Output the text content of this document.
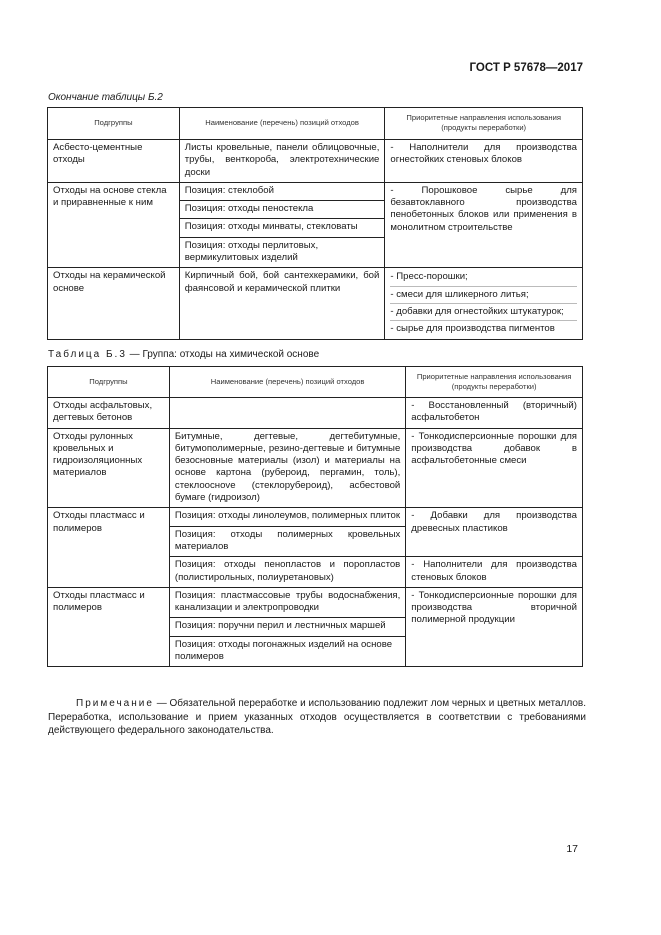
ГОСТ Р 57678—2017
Окончание таблицы Б.2
Подгруппы	Наименование (перечень) позиций отходов	Приоритетные направления использования (продукты переработки)
Асбесто-цементные отходы	Листы кровельные, панели облицовочные, трубы, венткороба, электротехнические доски	- Наполнители для производства огнестойких стеновых блоков
Отходы на основе стекла и приравненные к ним	Позиция: стеклобой	- Порошковое сырье для безавтоклавного производства пенобетонных блоков или применения в монолитном строительстве
	Позиция: отходы пеностекла	
	Позиция: отходы минваты, стекловаты	
	Позиция: отходы перлитовых, вермикулитовых изделий	
Отходы на керамической основе	Кирпичный бой, бой сантехкерамики, бой фаянсовой и керамической плитки	- Пресс-порошки;
- смеси для шликерного литья;
- добавки для огнестойких штукатурок;
- сырье для производства пигментов
Таблица Б.3 — Группа: отходы на химической основе
Подгруппы	Наименование (перечень) позиций отходов	Приоритетные направления использования (продукты переработки)
Отходы асфальтовых, дегтевых бетонов		- Восстановленный (вторичный) асфальтобетон
Отходы рулонных кровельных и гидроизоляционных материалов	Битумные, дегтевые, дегтебитумные, битумополимерные, резино-дегтевые и битумные безосновные материалы (изол) и материалы на основе картона (рубероид, пергамин, толь), стеклоосноve (стеклорубероид), асбестовой бумаге (гидроизол)	- Тонкодисперсионные порошки для производства добавок в асфальтобетонные смеси
Отходы пластмасс и полимеров	Позиция: отходы линолеумов, полимерных плиток	- Добавки для производства древесных пластиков
	Позиция: отходы полимерных кровельных материалов	
	Позиция: отходы пенопластов и поропластов (полистирольных, полиуретановых)	- Наполнители для производства стеновых блоков
Отходы пластмасс и полимеров	Позиция: пластмассовые трубы водоснабжения, канализации и электропроводки	- Тонкодисперсионные порошки для производства вторичной полимерной продукции
	Позиция: поручни перил и лестничных маршей	
	Позиция: отходы погонажных изделий на основе полимеров	
Примечание — Обязательной переработке и использованию подлежит лом черных и цветных металлов. Переработка, использование и прием указанных отходов осуществляется в соответствии с требованиями действующего федерального законодательства.
17
